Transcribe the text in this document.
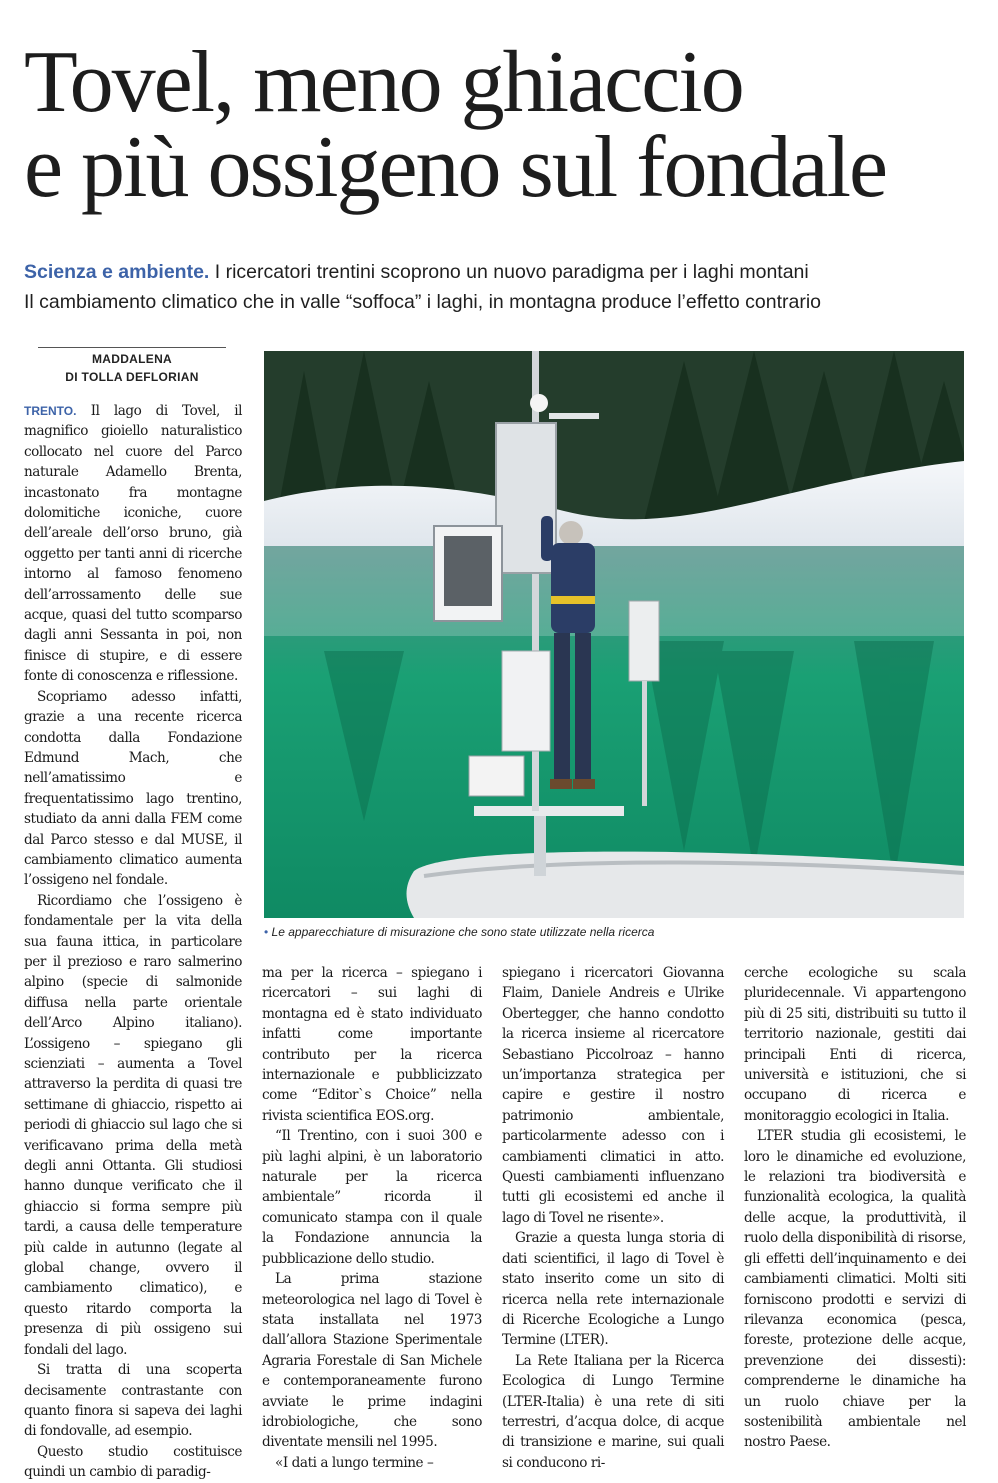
Tovel, meno ghiaccio
e più ossigeno sul fondale
Scienza e ambiente. I ricercatori trentini scoprono un nuovo paradigma per i laghi montani
Il cambiamento climatico che in valle “soffoca” i laghi, in montagna produce l’effetto contrario
MADDALENA
DI TOLLA DEFLORIAN
• Le apparecchiature di misurazione che sono state utilizzate nella ricerca

TRENTO. Il lago di Tovel, il magnifico gioiello naturalistico collocato nel cuore del Parco naturale Adamello Brenta, incastonato fra montagne dolomitiche iconiche, cuore dell’areale dell’orso bruno, già oggetto per tanti anni di ricerche intorno al famoso fenomeno dell’arrossamento delle sue acque, quasi del tutto scomparso dagli anni Sessanta in poi, non finisce di stupire, e di essere fonte di conoscenza e riflessione.

Scopriamo adesso infatti, grazie a una recente ricerca condotta dalla Fondazione Edmund Mach, che nell’amatissimo e frequentatissimo lago trentino, studiato da anni dalla FEM come dal Parco stesso e dal MUSE, il cambiamento climatico aumenta l’ossigeno nel fondale.

Ricordiamo che l’ossigeno è fondamentale per la vita della sua fauna ittica, in particolare per il prezioso e raro salmerino alpino (specie di salmonide diffusa nella parte orientale dell’Arco Alpino italiano). L’ossigeno – spiegano gli scienziati – aumenta a Tovel attraverso la perdita di quasi tre settimane di ghiaccio, rispetto ai periodi di ghiaccio sul lago che si verificavano prima della metà degli anni Ottanta. Gli studiosi hanno dunque verificato che il ghiaccio si forma sempre più tardi, a causa delle temperature più calde in autunno (legate al global change, ovvero il cambiamento climatico), e questo ritardo comporta la presenza di più ossigeno sui fondali del lago.

Si tratta di una scoperta decisamente contrastante con quanto finora si sapeva dei laghi di fondovalle, ad esempio.

Questo studio costituisce quindi un cambio di paradig-

ma per la ricerca – spiegano i ricercatori – sui laghi di montagna ed è stato individuato infatti come importante contributo per la ricerca internazionale e pubblicizzato come “Editor`s Choice” nella rivista scientifica EOS.org.

“Il Trentino, con i suoi 300 e più laghi alpini, è un laboratorio naturale per la ricerca ambientale” ricorda il comunicato stampa con il quale la Fondazione annuncia la pubblicazione dello studio.

La prima stazione meteorologica nel lago di Tovel è stata installata nel 1973 dall’allora Stazione Sperimentale Agraria Forestale di San Michele e contemporaneamente furono avviate le prime indagini idrobiologiche, che sono diventate mensili nel 1995.

«I dati a lungo termine –

spiegano i ricercatori Giovanna Flaim, Daniele Andreis e Ulrike Obertegger, che hanno condotto la ricerca insieme al ricercatore Sebastiano Piccolroaz – hanno un’importanza strategica per capire e gestire il nostro patrimonio ambientale, particolarmente adesso con i cambiamenti climatici in atto. Questi cambiamenti influenzano tutti gli ecosistemi ed anche il lago di Tovel ne risente».

Grazie a questa lunga storia di dati scientifici, il lago di Tovel è stato inserito come un sito di ricerca nella rete internazionale di Ricerche Ecologiche a Lungo Termine (LTER).

La Rete Italiana per la Ricerca Ecologica di Lungo Termine (LTER-Italia) è una rete di siti terrestri, d’acqua dolce, di acque di transizione e marine, sui quali si conducono ri-

cerche ecologiche su scala pluridecennale. Vi appartengono più di 25 siti, distribuiti su tutto il territorio nazionale, gestiti dai principali Enti di ricerca, università e istituzioni, che si occupano di ricerca e monitoraggio ecologici in Italia.

LTER studia gli ecosistemi, le loro le dinamiche ed evoluzione, le relazioni tra biodiversità e funzionalità ecologica, la qualità delle acque, la produttività, il ruolo della disponibilità di risorse, gli effetti dell’inquinamento e dei cambiamenti climatici. Molti siti forniscono prodotti e servizi di rilevanza economica (pesca, foreste, protezione delle acque, prevenzione dei dissesti): comprenderne le dinamiche ha un ruolo chiave per la sostenibilità ambientale nel nostro Paese.
